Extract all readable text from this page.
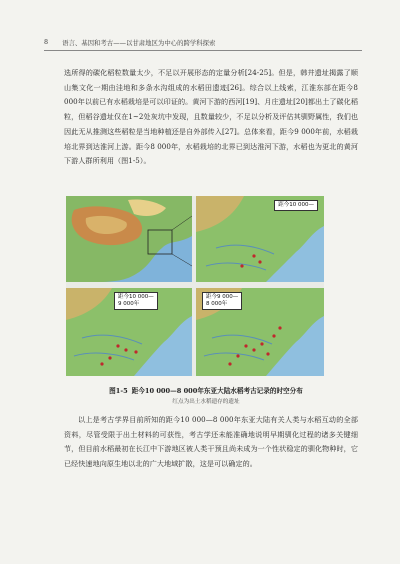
8 语言、基因和考古——以甘肃地区为中心的跨学科探索
选所得的碳化稻粒数量太少，不足以开展形态的定量分析[24-25]。但是，韩井遗址揭露了顺山集文化一期由洼地和多条水沟组成的水稻田遗迹[26]。综合以上线索，江淮东部在距今8 000年以前已有水稻栽培是可以印证的。黄河下游的西河[19]、月庄遗址[20]都出土了碳化稻粒，但稻谷遗址仅在1~2处灰坑中发现，且数量较少，不足以分析及评估其驯野属性，我们也因此无从推测这些稻粒是当地种植还是自外部传入[27]。总体来看，距今9 000年前，水稻栽培北界到达淮河上游。距今8 000年，水稻栽培的北界已到达淮河下游，水稻也为更北的黄河下游人群所利用（图1-5）。
距今10 000—
距今10 000—
9 000年
距今9 000—
8 000年
图1-5 距今10 000—8 000年东亚大陆水稻考古记录的时空分布
红点为出土水稻遗存的遗址
以上是考古学界目前所知的距今10 000—8 000年东亚大陆有关人类与水稻互动的全部资料，尽管受限于出土材料的可获性，考古学还未能准确地说明早期驯化过程的诸多关键细节，但目前水稻最初在长江中下游地区被人类干预且尚未成为一个性状稳定的驯化物种时，它已经快速地向原生地以北的广大地域扩散，这是可以确定的。
